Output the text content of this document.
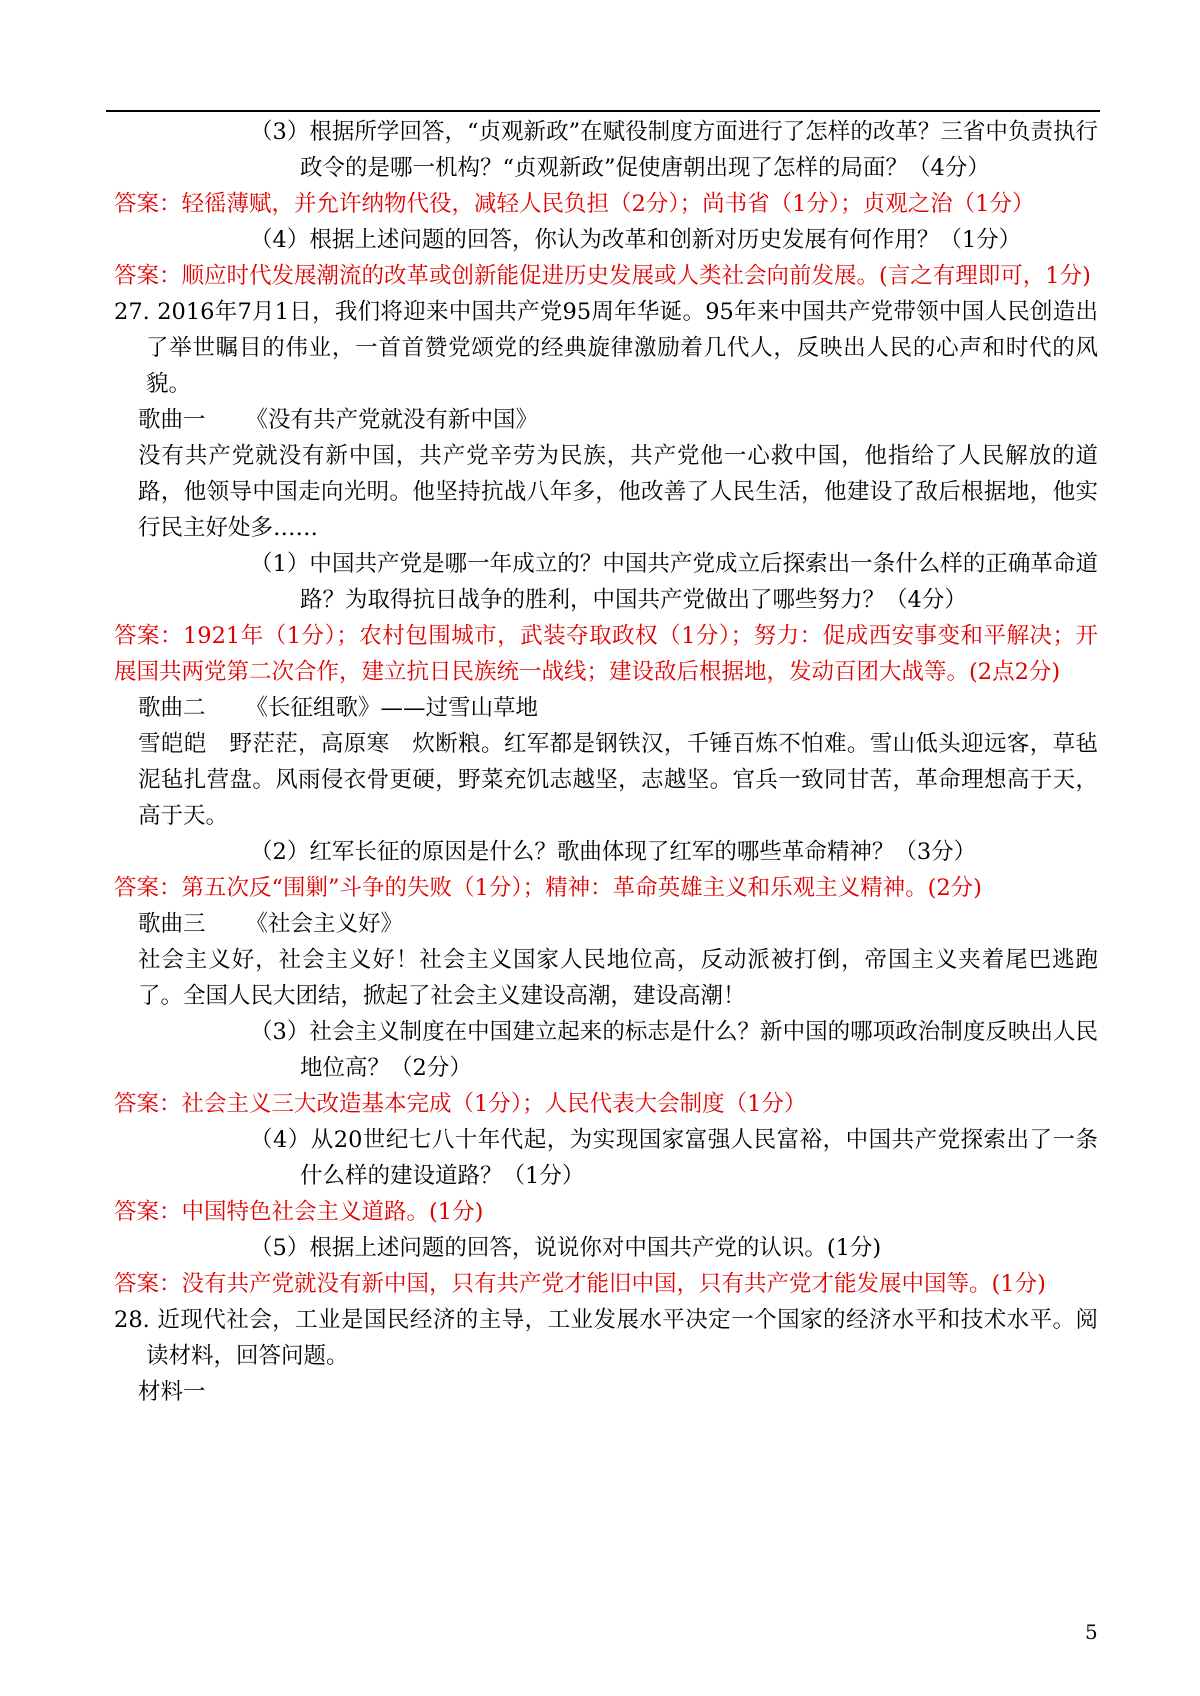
（3）根据所学回答，“贞观新政”在赋役制度方面进行了怎样的改革？三省中负责执行政令的是哪一机构？“贞观新政”促使唐朝出现了怎样的局面？（4分）

答案：轻徭薄赋，并允许纳物代役，减轻人民负担（2分）；尚书省（1分）；贞观之治（1分）

（4）根据上述问题的回答，你认为改革和创新对历史发展有何作用？（1分）

答案：顺应时代发展潮流的改革或创新能促进历史发展或人类社会向前发展。(言之有理即可，1分)

27. 2016年7月1日，我们将迎来中国共产党95周年华诞。95年来中国共产党带领中国人民创造出了举世瞩目的伟业，一首首赞党颂党的经典旋律激励着几代人，反映出人民的心声和时代的风貌。

歌曲一 《没有共产党就没有新中国》

没有共产党就没有新中国，共产党辛劳为民族，共产党他一心救中国，他指给了人民解放的道路，他领导中国走向光明。他坚持抗战八年多，他改善了人民生活，他建设了敌后根据地，他实行民主好处多……

（1）中国共产党是哪一年成立的？中国共产党成立后探索出一条什么样的正确革命道路？为取得抗日战争的胜利，中国共产党做出了哪些努力？（4分）

答案：1921年（1分）；农村包围城市，武装夺取政权（1分）；努力：促成西安事变和平解决；开展国共两党第二次合作，建立抗日民族统一战线；建设敌后根据地，发动百团大战等。(2点2分)

歌曲二 《长征组歌》——过雪山草地

雪皑皑　野茫茫，高原寒　炊断粮。红军都是钢铁汉，千锤百炼不怕难。雪山低头迎远客，草毡泥毡扎营盘。风雨侵衣骨更硬，野菜充饥志越坚，志越坚。官兵一致同甘苦，革命理想高于天，高于天。

（2）红军长征的原因是什么？歌曲体现了红军的哪些革命精神？（3分）

答案：第五次反“围剿”斗争的失败（1分）；精神：革命英雄主义和乐观主义精神。(2分)

歌曲三 《社会主义好》

社会主义好，社会主义好！社会主义国家人民地位高，反动派被打倒，帝国主义夹着尾巴逃跑了。全国人民大团结，掀起了社会主义建设高潮，建设高潮！

（3）社会主义制度在中国建立起来的标志是什么？新中国的哪项政治制度反映出人民地位高？（2分）

答案：社会主义三大改造基本完成（1分）；人民代表大会制度（1分）

（4）从20世纪七八十年代起，为实现国家富强人民富裕，中国共产党探索出了一条什么样的建设道路？（1分）

答案：中国特色社会主义道路。(1分)

（5）根据上述问题的回答，说说你对中国共产党的认识。(1分)

答案：没有共产党就没有新中国，只有共产党才能旧中国，只有共产党才能发展中国等。(1分)

28. 近现代社会，工业是国民经济的主导，工业发展水平决定一个国家的经济水平和技术水平。阅读材料，回答问题。

材料一

5
